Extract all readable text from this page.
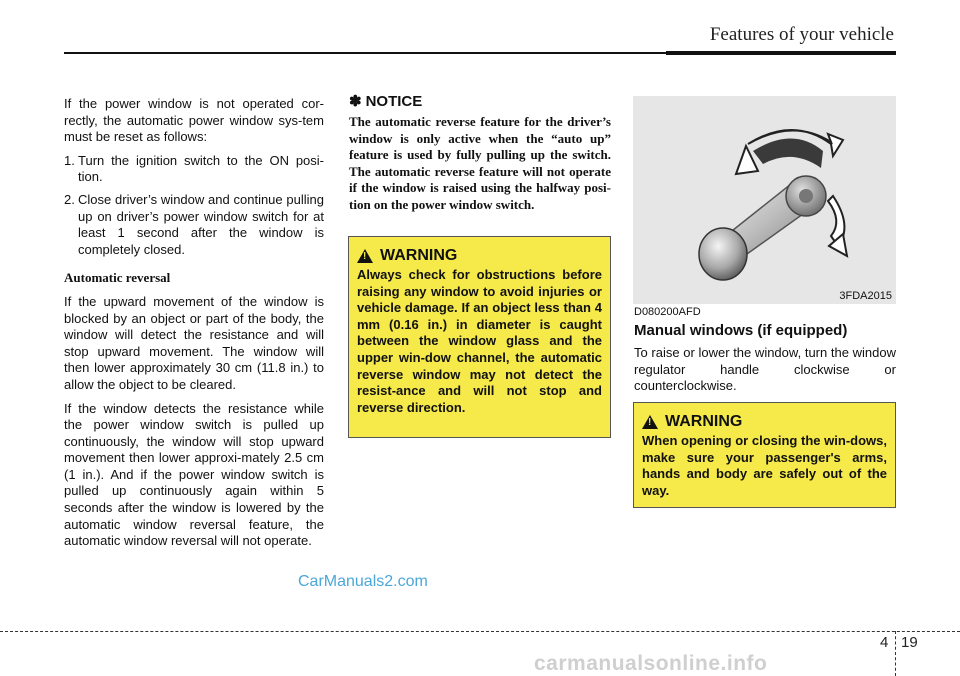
Features of your vehicle

If the power window is not operated cor-rectly, the automatic power window sys-tem must be reset as follows:

1. Turn the ignition switch to the ON posi-tion.
2. Close driver’s window and continue pulling up on driver’s power window switch for at least 1 second after the window is completely closed.
Automatic reversal

If the upward movement of the window is blocked by an object or part of the body, the window will detect the resistance and will stop upward movement. The window will then lower approximately 30 cm (11.8 in.) to allow the object to be cleared.

If the window detects the resistance while the power window switch is pulled up continuously, the window will stop upward movement then lower approxi-mately 2.5 cm (1 in.). And if the power window switch is pulled up continuously again within 5 seconds after the window is lowered by the automatic window reversal feature, the automatic window reversal will not operate.

✽ NOTICE

The automatic reverse feature for the driver’s window is only active when the “auto up” feature is used by fully pulling up the switch. The automatic reverse feature will not operate if the window is raised using the halfway posi-tion on the power window switch.

!
WARNING
Always check for obstructions before raising any window to avoid injuries or vehicle damage. If an object less than 4 mm (0.16 in.) in diameter is caught between the window glass and the upper win-dow channel, the automatic reverse window may not detect the resist-ance and will not stop and reverse direction.
3FDA2015
D080200AFD
Manual windows (if equipped)

To raise or lower the window, turn the window regulator handle clockwise or counterclockwise.

!
WARNING
When opening or closing the win-dows, make sure your passenger's arms, hands and body are safely out of the way.
CarManuals2.com
4 19
carmanualsonline.info
